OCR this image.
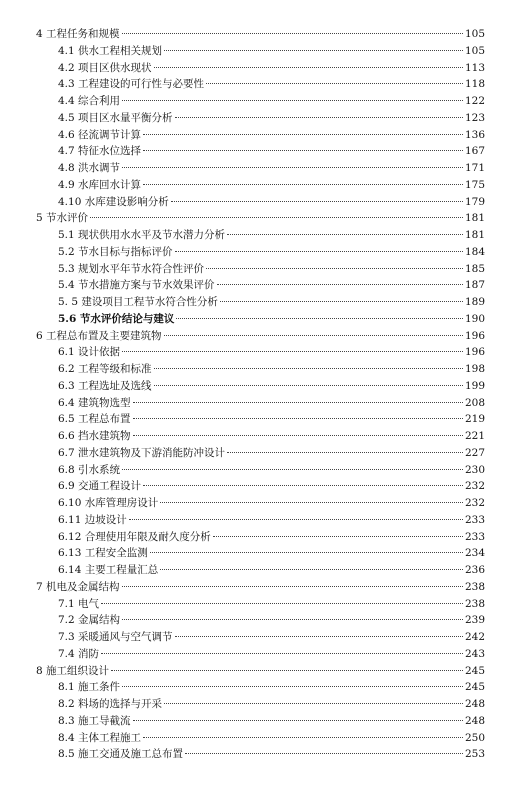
4 工程任务和规模	105
4.1 供水工程相关规划	105
4.2 项目区供水现状	113
4.3 工程建设的可行性与必要性	118
4.4 综合利用	122
4.5 项目区水量平衡分析	123
4.6 径流调节计算	136
4.7 特征水位选择	167
4.8 洪水调节	171
4.9 水库回水计算	175
4.10 水库建设影响分析	179
5 节水评价	181
5.1 现状供用水水平及节水潜力分析	181
5.2 节水目标与指标评价	184
5.3 规划水平年节水符合性评价	185
5.4 节水措施方案与节水效果评价	187
5. 5 建设项目工程节水符合性分析	189
5.6 节水评价结论与建议	190
6 工程总布置及主要建筑物	196
6.1 设计依据	196
6.2 工程等级和标准	198
6.3 工程选址及选线	199
6.4 建筑物选型	208
6.5 工程总布置	219
6.6 挡水建筑物	221
6.7 泄水建筑物及下游消能防冲设计	227
6.8 引水系统	230
6.9 交通工程设计	232
6.10 水库管理房设计	232
6.11 边坡设计	233
6.12 合理使用年限及耐久度分析	233
6.13 工程安全监测	234
6.14 主要工程量汇总	236
7 机电及金属结构	238
7.1 电气	238
7.2 金属结构	239
7.3 采暖通风与空气调节	242
7.4 消防	243
8 施工组织设计	245
8.1 施工条件	245
8.2 料场的选择与开采	248
8.3 施工导截流	248
8.4 主体工程施工	250
8.5 施工交通及施工总布置	253
